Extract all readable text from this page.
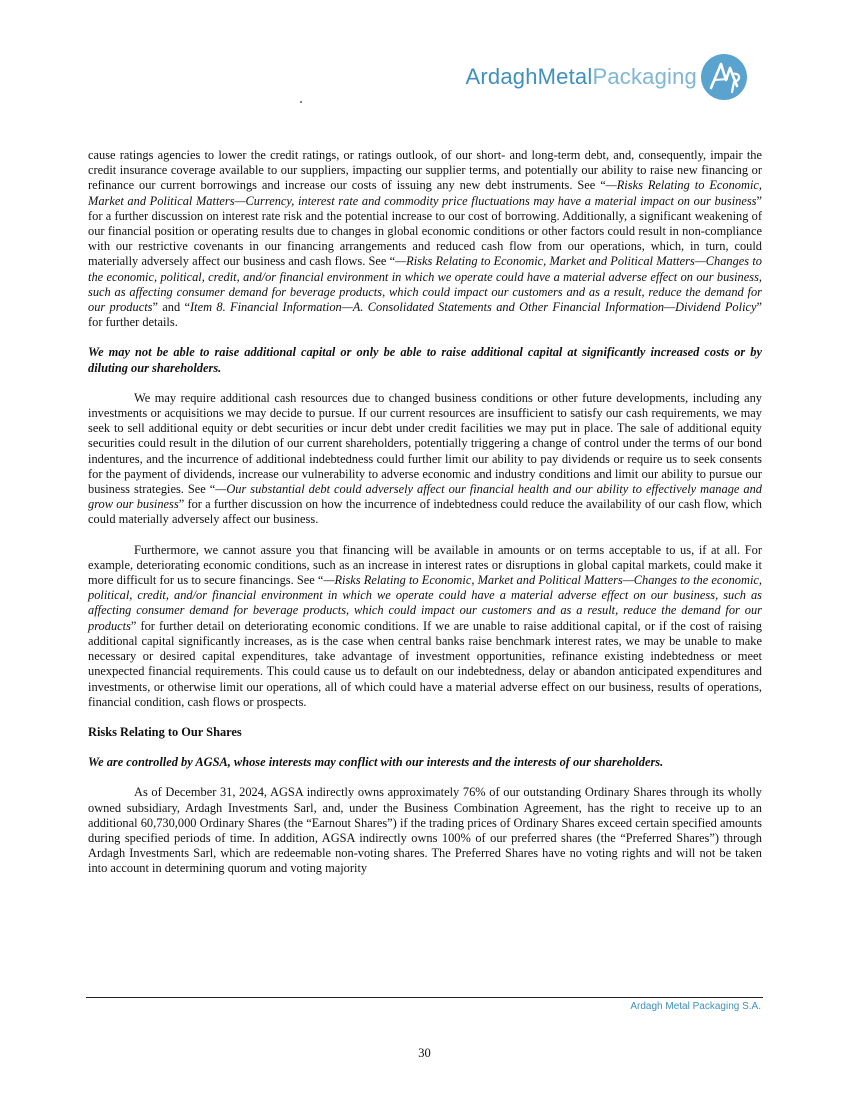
ArdaghMetalPackaging

cause ratings agencies to lower the credit ratings, or ratings outlook, of our short- and long-term debt, and, consequently, impair the credit insurance coverage available to our suppliers, impacting our supplier terms, and potentially our ability to raise new financing or refinance our current borrowings and increase our costs of issuing any new debt instruments. See “—Risks Relating to Economic, Market and Political Matters—Currency, interest rate and commodity price fluctuations may have a material impact on our business” for a further discussion on interest rate risk and the potential increase to our cost of borrowing. Additionally, a significant weakening of our financial position or operating results due to changes in global economic conditions or other factors could result in non-compliance with our restrictive covenants in our financing arrangements and reduced cash flow from our operations, which, in turn, could materially adversely affect our business and cash flows. See “—Risks Relating to Economic, Market and Political Matters—Changes to the economic, political, credit, and/or financial environment in which we operate could have a material adverse effect on our business, such as affecting consumer demand for beverage products, which could impact our customers and as a result, reduce the demand for our products” and “Item 8. Financial Information—A. Consolidated Statements and Other Financial Information—Dividend Policy” for further details.

We may not be able to raise additional capital or only be able to raise additional capital at significantly increased costs or by diluting our shareholders.

We may require additional cash resources due to changed business conditions or other future developments, including any investments or acquisitions we may decide to pursue. If our current resources are insufficient to satisfy our cash requirements, we may seek to sell additional equity or debt securities or incur debt under credit facilities we may put in place. The sale of additional equity securities could result in the dilution of our current shareholders, potentially triggering a change of control under the terms of our bond indentures, and the incurrence of additional indebtedness could further limit our ability to pay dividends or require us to seek consents for the payment of dividends, increase our vulnerability to adverse economic and industry conditions and limit our ability to pursue our business strategies. See “—Our substantial debt could adversely affect our financial health and our ability to effectively manage and grow our business” for a further discussion on how the incurrence of indebtedness could reduce the availability of our cash flow, which could materially adversely affect our business.

Furthermore, we cannot assure you that financing will be available in amounts or on terms acceptable to us, if at all. For example, deteriorating economic conditions, such as an increase in interest rates or disruptions in global capital markets, could make it more difficult for us to secure financings. See “—Risks Relating to Economic, Market and Political Matters—Changes to the economic, political, credit, and/or financial environment in which we operate could have a material adverse effect on our business, such as affecting consumer demand for beverage products, which could impact our customers and as a result, reduce the demand for our products” for further detail on deteriorating economic conditions. If we are unable to raise additional capital, or if the cost of raising additional capital significantly increases, as is the case when central banks raise benchmark interest rates, we may be unable to make necessary or desired capital expenditures, take advantage of investment opportunities, refinance existing indebtedness or meet unexpected financial requirements. This could cause us to default on our indebtedness, delay or abandon anticipated expenditures and investments, or otherwise limit our operations, all of which could have a material adverse effect on our business, results of operations, financial condition, cash flows or prospects.

Risks Relating to Our Shares

We are controlled by AGSA, whose interests may conflict with our interests and the interests of our shareholders.

As of December 31, 2024, AGSA indirectly owns approximately 76% of our outstanding Ordinary Shares through its wholly owned subsidiary, Ardagh Investments Sarl, and, under the Business Combination Agreement, has the right to receive up to an additional 60,730,000 Ordinary Shares (the “Earnout Shares”) if the trading prices of Ordinary Shares exceed certain specified amounts during specified periods of time. In addition, AGSA indirectly owns 100% of our preferred shares (the “Preferred Shares”) through Ardagh Investments Sarl, which are redeemable non-voting shares. The Preferred Shares have no voting rights and will not be taken into account in determining quorum and voting majority

Ardagh Metal Packaging S.A.
30
